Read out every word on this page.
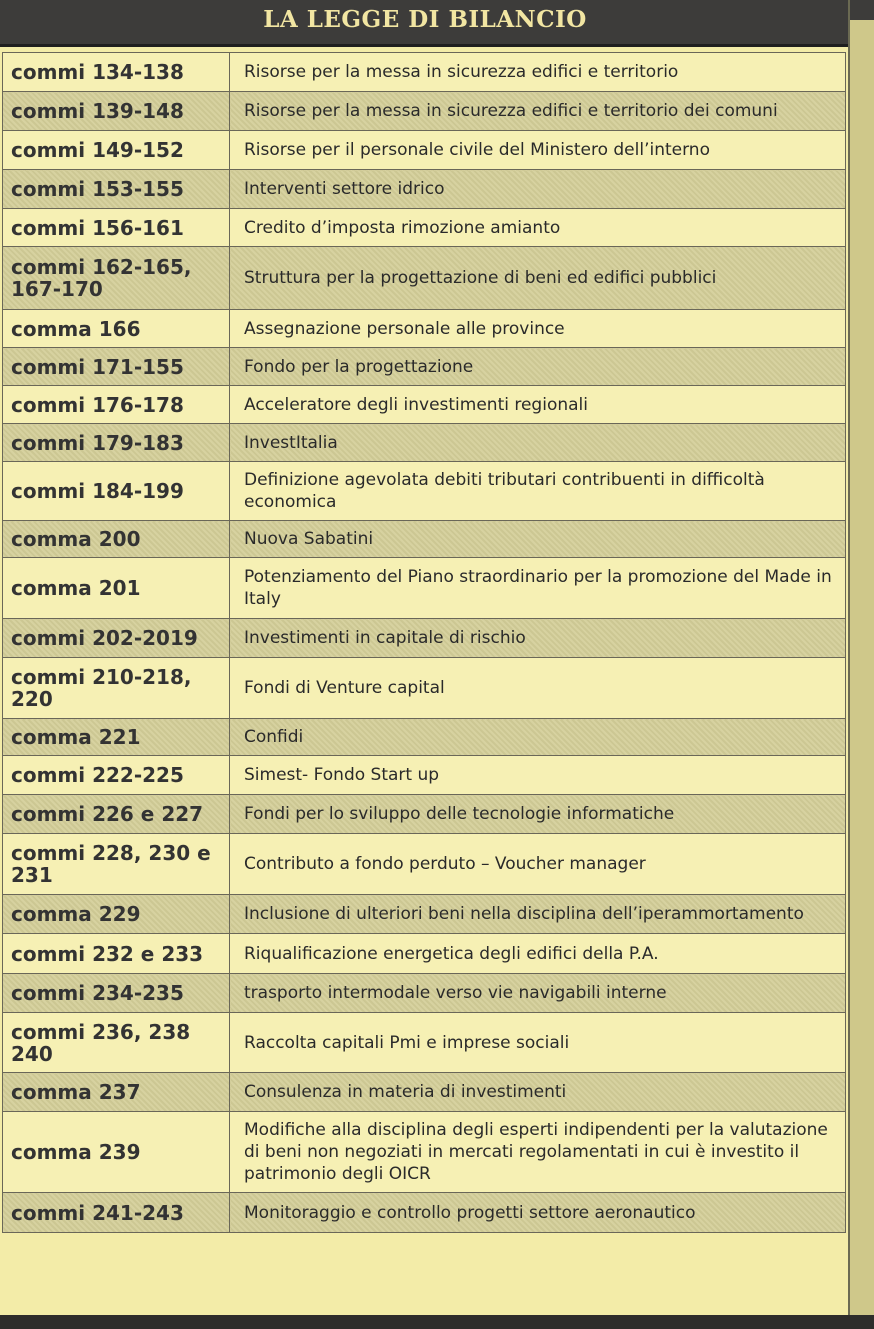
LA LEGGE DI BILANCIO
commi 134-138	Risorse per la messa in sicurezza edifici e territorio
commi 139-148	Risorse per la messa in sicurezza edifici e territorio dei comuni
commi 149-152	Risorse per il personale civile del Ministero dell’interno
commi 153-155	Interventi settore idrico
commi 156-161	Credito d’imposta rimozione amianto
commi 162-165, 167-170	Struttura per la progettazione di beni ed edifici pubblici
comma 166	Assegnazione personale alle province
commi 171-155	Fondo per la progettazione
commi 176-178	Acceleratore degli investimenti regionali
commi 179-183	InvestItalia
commi 184-199	Definizione agevolata debiti tributari contribuenti in difficoltà economica
comma 200	Nuova Sabatini
comma 201	Potenziamento del Piano straordinario per la promozione del Made in Italy
commi 202-2019	Investimenti in capitale di rischio
commi 210-218, 220	Fondi di Venture capital
comma 221	Confidi
commi 222-225	Simest- Fondo Start up
commi 226 e 227	Fondi per lo sviluppo delle tecnologie informatiche
commi 228, 230 e 231	Contributo a fondo perduto – Voucher manager
comma 229	Inclusione di ulteriori beni nella disciplina dell’iperammortamento
commi 232 e 233	Riqualificazione energetica degli edifici della P.A.
commi 234-235	trasporto intermodale verso vie navigabili interne
commi 236, 238 240	Raccolta capitali Pmi e imprese sociali
comma 237	Consulenza in materia di investimenti
comma 239	Modifiche alla disciplina degli esperti indipendenti per la valutazione di beni non negoziati in mercati regolamentati in cui è investito il patrimonio degli OICR
commi 241-243	Monitoraggio e controllo progetti settore aeronautico
